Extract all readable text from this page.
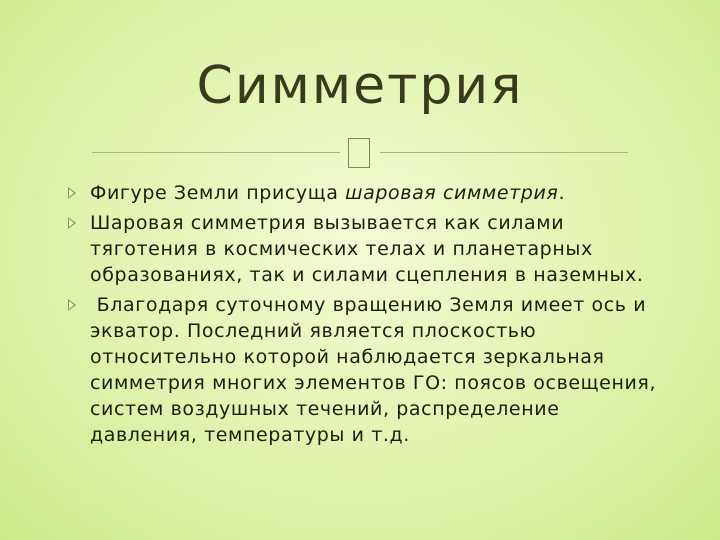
Симметрия
Фигуре Земли присуща шаровая симметрия.
Шаровая симметрия вызывается как силами тяготения в космических телах и планетарных образованиях, так и силами сцепления в наземных.
Благодаря суточному вращению Земля имеет ось и экватор. Последний является плоскостью относительно которой наблюдается зеркальная симметрия многих элементов ГО: поясов освещения, систем воздушных течений, распределение давления, температуры и т.д.
